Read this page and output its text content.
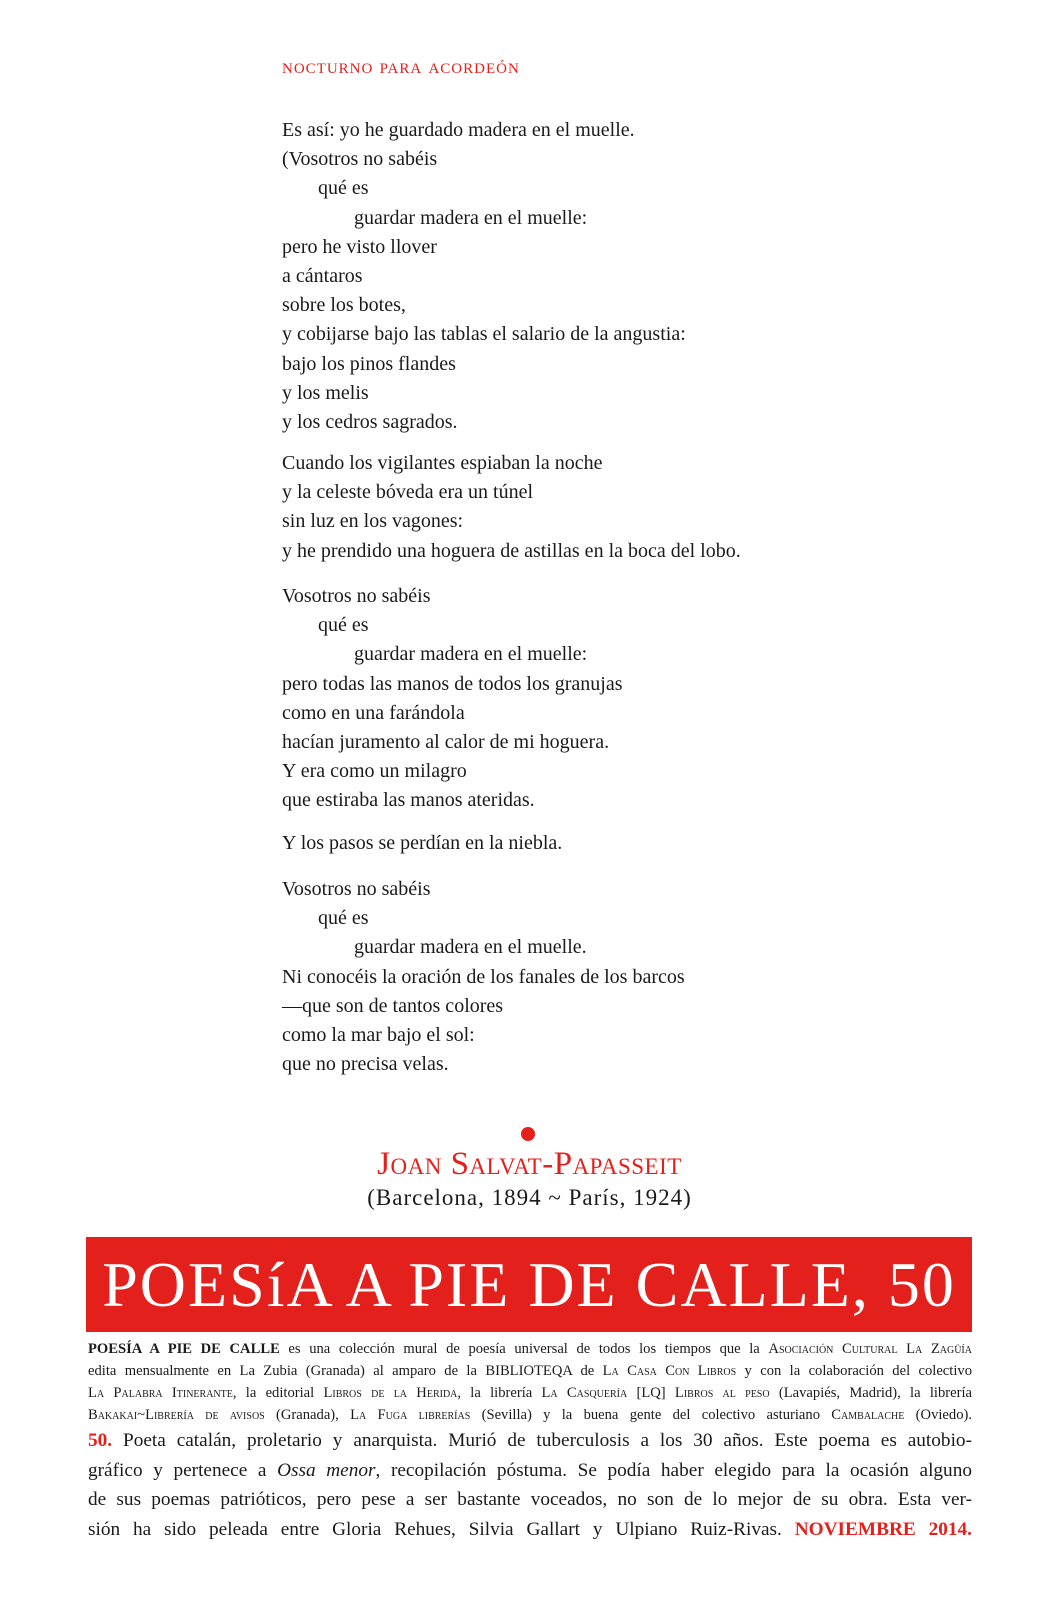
nocturno para acordeón
Es así: yo he guardado madera en el muelle.
(Vosotros no sabéis
qué es
guardar madera en el muelle:
pero he visto llover
a cántaros
sobre los botes,
y cobijarse bajo las tablas el salario de la angustia:
bajo los pinos flandes
y los melis
y los cedros sagrados.
Cuando los vigilantes espiaban la noche
y la celeste bóveda era un túnel
sin luz en los vagones:
y he prendido una hoguera de astillas en la boca del lobo.
Vosotros no sabéis
qué es
guardar madera en el muelle:
pero todas las manos de todos los granujas
como en una farándola
hacían juramento al calor de mi hoguera.
Y era como un milagro
que estiraba las manos ateridas.
Y los pasos se perdían en la niebla.
Vosotros no sabéis
qué es
guardar madera en el muelle.
Ni conocéis la oración de los fanales de los barcos
—que son de tantos colores
como la mar bajo el sol:
que no precisa velas.
Joan Salvat-Papasseit
(Barcelona, 1894 ~ París, 1924)
POESíA A PIE DE CALLE, 50
POESÍA A PIE DE CALLE es una colección mural de poesía universal de todos los tiempos que la Asociación Cultural La Zagüía
edita mensualmente en La Zubia (Granada) al amparo de la BIBLIOTEQA de La Casa Con Libros y con la colaboración del colectivo
La Palabra Itinerante, la editorial Libros de la Herida, la librería La Casquería [LQ] Libros al peso (Lavapiés, Madrid), la librería
Bakakai~Librería de avisos (Granada), La Fuga librerías (Sevilla) y la buena gente del colectivo asturiano Cambalache (Oviedo).
50. Poeta catalán, proletario y anarquista. Murió de tuberculosis a los 30 años. Este poema es autobio-
gráfico y pertenece a Ossa menor, recopilación póstuma. Se podía haber elegido para la ocasión alguno
de sus poemas patrióticos, pero pese a ser bastante voceados, no son de lo mejor de su obra. Esta ver-
sión ha sido peleada entre Gloria Rehues, Silvia Gallart y Ulpiano Ruiz-Rivas. NOVIEMBRE 2014.
